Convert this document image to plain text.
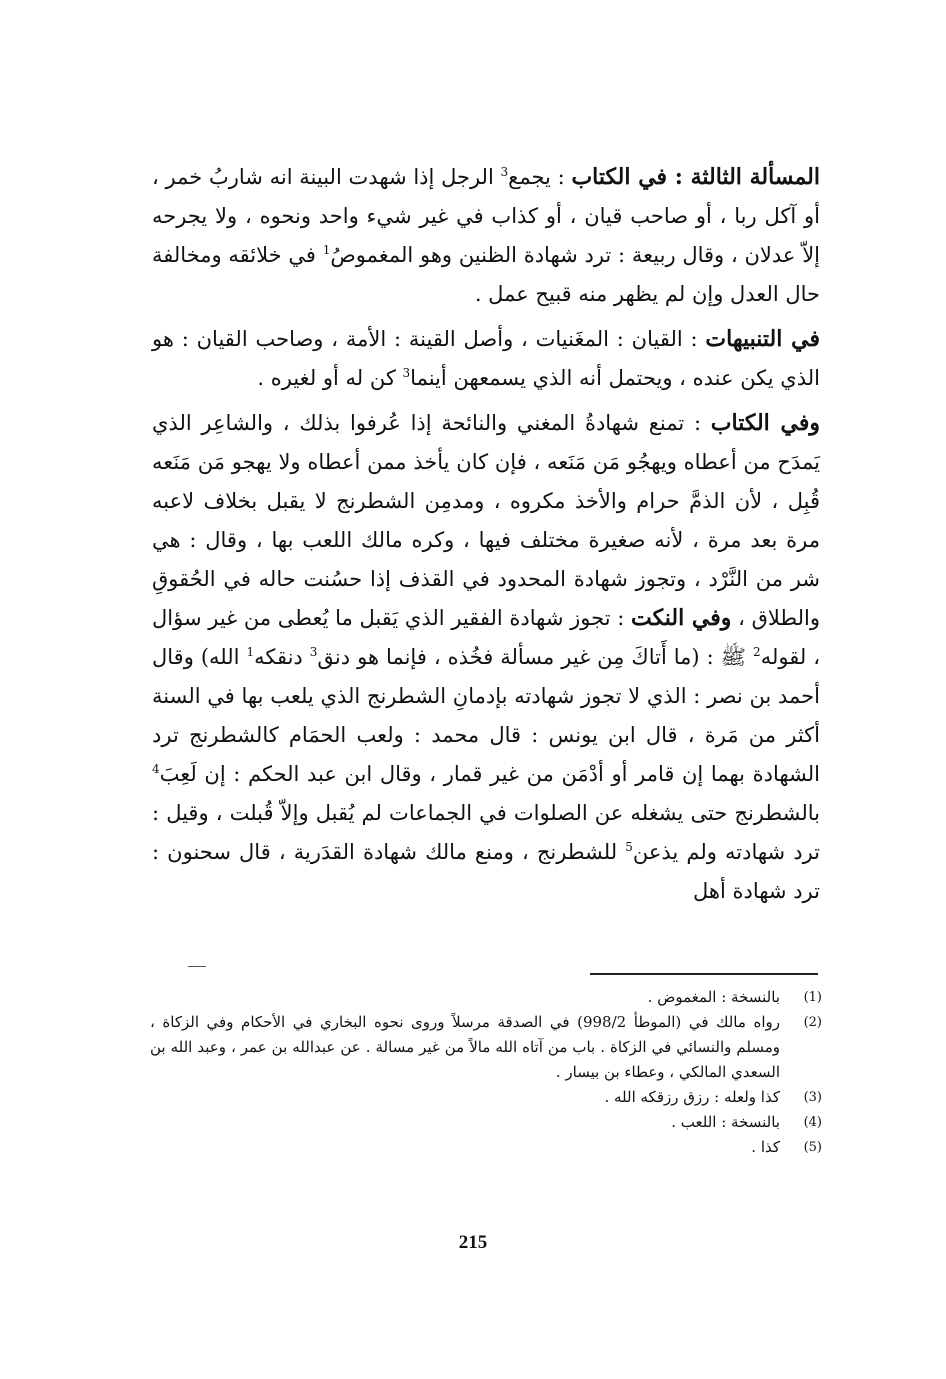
المسألة الثالثة : في الكتاب : يجمع$^3$ الرجل إذا شهدت البينة انه شاربُ خمر ، أو آكل ربا ، أو صاحب قيان ، أو كذاب في غير شيء واحد ونحوه ، ولا يجرحه إلاّ عدلان ، وقال ربيعة : ترد شهادة الظنين وهو المغموصُ$^1$ في خلائقه ومخالفة حال العدل وإن لم يظهر منه قبيح عمل .

في التنبيهات : القيان : المغَنيات ، وأصل القينة : الأمة ، وصاحب القيان : هو الذي يكن عنده ، ويحتمل أنه الذي يسمعهن أينما$^3$ كن له أو لغيره .

وفي الكتاب : تمنع شهادةُ المغني والنائحة إذا عُرفوا بذلك ، والشاعِر الذي يَمدَح من أعطاه ويهجُو مَن مَنَعه ، فإن كان يأخذ ممن أعطاه ولا يهجو مَن مَنَعه قُبِل ، لأن الذمَّ حرام والأخذ مكروه ، ومدمِن الشطرنج لا يقبل بخلاف لاعبه مرة بعد مرة ، لأنه صغيرة مختلف فيها ، وكره مالك اللعب بها ، وقال : هي شر من النَّرْد ، وتجوز شهادة المحدود في القذف إذا حسُنت حاله في الحُقوقِ والطلاق ، وفي النكت : تجوز شهادة الفقير الذي يَقبل ما يُعطى من غير سؤال ، لقوله$^2$ ﷺ : (ما أَتاكَ مِن غير مسألة فخُذه ، فإنما هو دنق$^3$ دنقكه$^1$ الله) وقال أحمد بن نصر : الذي لا تجوز شهادته بإدمانِ الشطرنج الذي يلعب بها في السنة أكثر من مَرة ، قال ابن يونس : قال محمد : ولعب الحمَام كالشطرنج ترد الشهادة بهما إن قامر أو أدْمَن من غير قمار ، وقال ابن عبد الحكم : إن لَعِبَ$^4$ بالشطرنج حتى يشغله عن الصلوات في الجماعات لم يُقبل وإلاّ قُبلت ، وقيل : ترد شهادته ولم يذعن$^5$ للشطرنج ، ومنع مالك شهادة القدَرية ، قال سحنون : ترد شهادة أهل

(1)
بالنسخة : المغموض .
(2)
رواه مالك في (الموطأ 998/2) في الصدقة مرسلاً وروى نحوه البخاري في الأحكام وفي الزكاة ، ومسلم والنسائي في الزكاة . باب من آتاه الله مالاً من غير مسالة . عن عبدالله بن عمر ، وعبد الله بن السعدي المالكي ، وعطاء بن بيسار .
(3)
كذا ولعله : رزق رزقكه الله .
(4)
بالنسخة : اللعب .
(5)
كذا .
215
